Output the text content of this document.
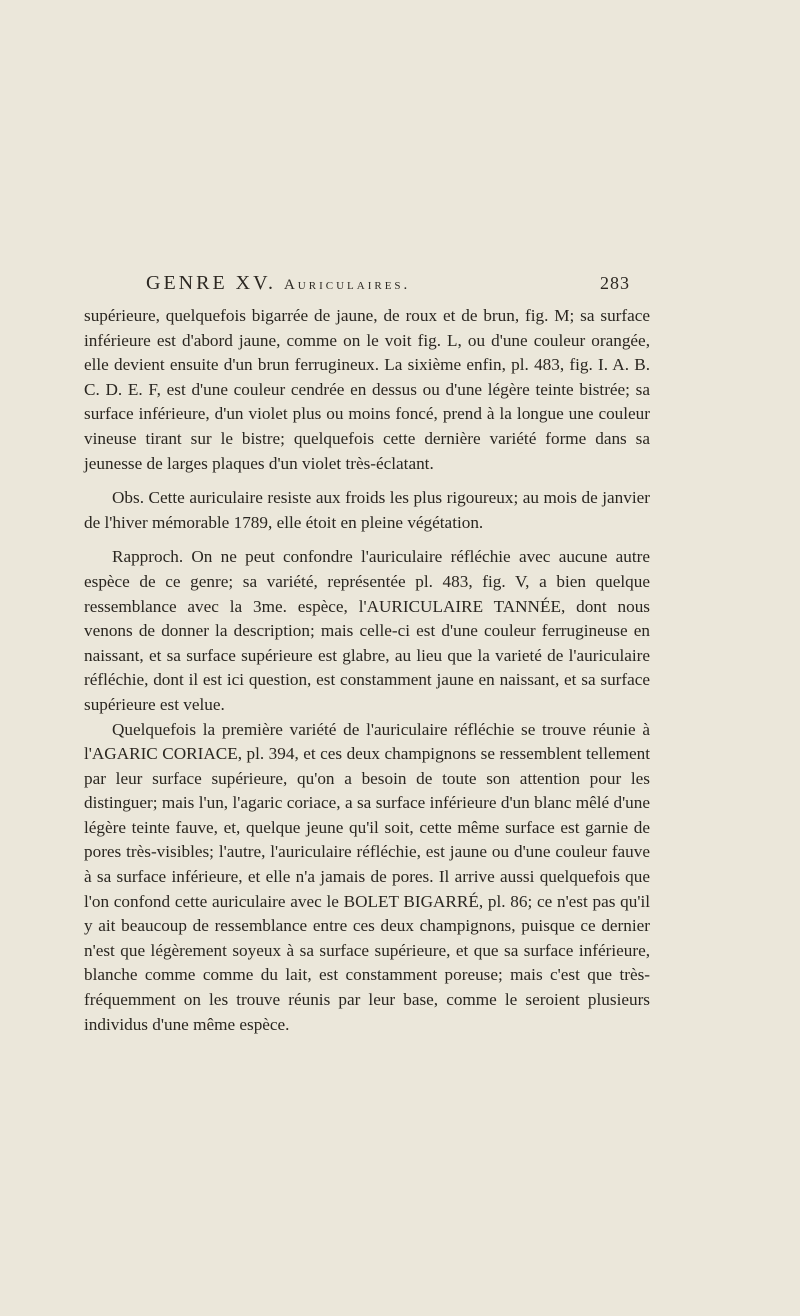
GENRE XV. Auriculaires.	283

supérieure, quelquefois bigarrée de jaune, de roux et de brun, fig. M; sa surface inférieure est d'abord jaune, comme on le voit fig. L, ou d'une couleur orangée, elle devient ensuite d'un brun ferrugineux. La sixième enfin, pl. 483, fig. I. A. B. C. D. E. F, est d'une couleur cendrée en dessus ou d'une légère teinte bistrée; sa surface inférieure, d'un violet plus ou moins foncé, prend à la longue une couleur vineuse tirant sur le bistre; quelquefois cette dernière variété forme dans sa jeunesse de larges plaques d'un violet très-éclatant.

Obs. Cette auriculaire resiste aux froids les plus rigoureux; au mois de janvier de l'hiver mémorable 1789, elle étoit en pleine végétation.

Rapproch. On ne peut confondre l'auriculaire réfléchie avec aucune autre espèce de ce genre; sa variété, représentée pl. 483, fig. V, a bien quelque ressemblance avec la 3me. espèce, l'AURICULAIRE TANNÉE, dont nous venons de donner la description; mais celle-ci est d'une couleur ferrugineuse en naissant, et sa surface supérieure est glabre, au lieu que la varieté de l'auriculaire réfléchie, dont il est ici question, est constamment jaune en naissant, et sa surface supérieure est velue.

Quelquefois la première variété de l'auriculaire réfléchie se trouve réunie à l'AGARIC CORIACE, pl. 394, et ces deux champignons se ressemblent tellement par leur surface supérieure, qu'on a besoin de toute son attention pour les distinguer; mais l'un, l'agaric coriace, a sa surface inférieure d'un blanc mêlé d'une légère teinte fauve, et, quelque jeune qu'il soit, cette même surface est garnie de pores très-visibles; l'autre, l'auriculaire réfléchie, est jaune ou d'une couleur fauve à sa surface inférieure, et elle n'a jamais de pores. Il arrive aussi quelquefois que l'on confond cette auriculaire avec le BOLET BIGARRÉ, pl. 86; ce n'est pas qu'il y ait beaucoup de ressemblance entre ces deux champignons, puisque ce dernier n'est que légèrement soyeux à sa surface supérieure, et que sa surface inférieure, blanche comme comme du lait, est constamment poreuse; mais c'est que très-fréquemment on les trouve réunis par leur base, comme le seroient plusieurs individus d'une même espèce.
